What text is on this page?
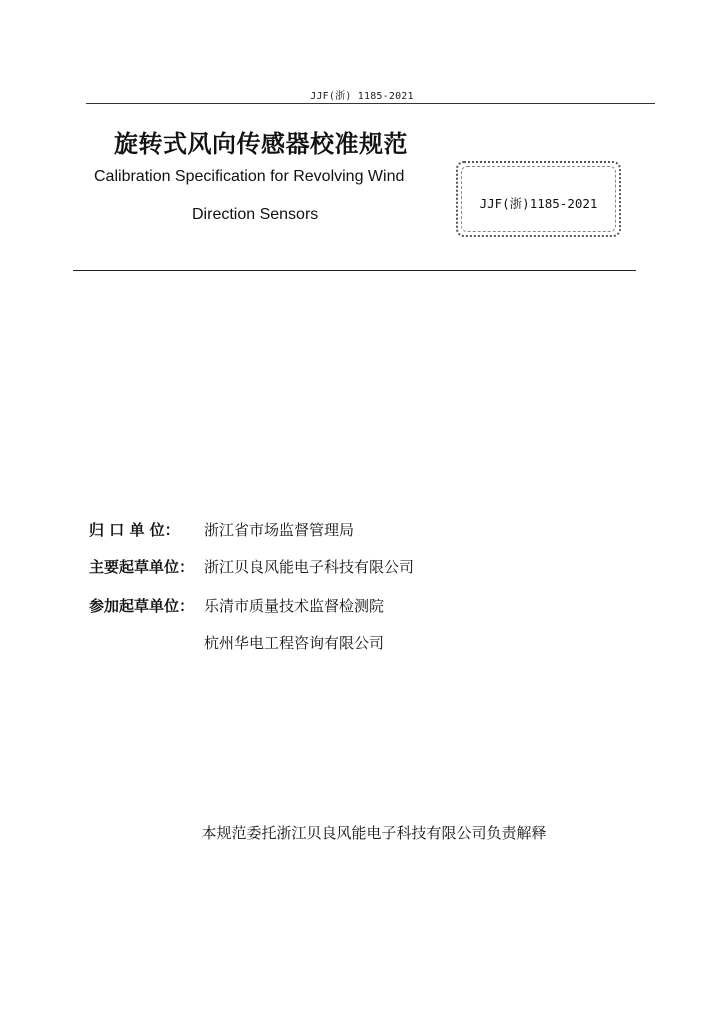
JJF(浙) 1185-2021
旋转式风向传感器校准规范
Calibration Specification for Revolving Wind
Direction Sensors
JJF(浙)1185-2021
归 口 单 位： 浙江省市场监督管理局
主要起草单位： 浙江贝良风能电子科技有限公司
参加起草单位： 乐清市质量技术监督检测院
杭州华电工程咨询有限公司
本规范委托浙江贝良风能电子科技有限公司负责解释
